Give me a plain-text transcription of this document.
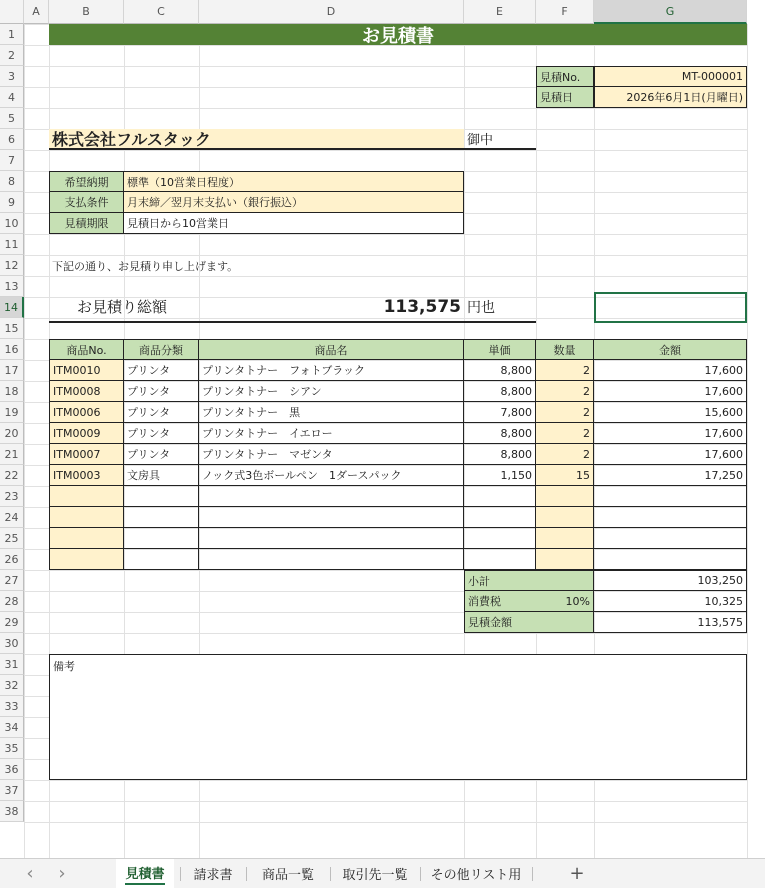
A	B	C	D	E	F	G
1
2
3
4
5
6
7
8
9
10
11
12
13
14
15
16
17
18
19
20
21
22
23
24
25
26
27
28
29
30
31
32
33
34
35
36
37
38
お見積書
見積No.	MT-000001
見積日	2026年6月1日(月曜日)
株式会社フルスタック	御中
希望納期	標準（10営業日程度）
支払条件	月末締／翌月末支払い（銀行振込）
見積期限	見積日から10営業日
下記の通り、お見積り申し上げます。
お見積り総額	113,575 円也
商品No.	商品分類	商品名	単価	数量	金額
ITM0010	プリンタ	プリンタトナー　フォトブラック	8,800	2	17,600
ITM0008	プリンタ	プリンタトナー　シアン	8,800	2	17,600
ITM0006	プリンタ	プリンタトナー　黒	7,800	2	15,600
ITM0009	プリンタ	プリンタトナー　イエロー	8,800	2	17,600
ITM0007	プリンタ	プリンタトナー　マゼンタ	8,800	2	17,600
ITM0003	文房具	ノック式3色ボールペン　1ダースパック	1,150	15	17,250
小計	103,250
消費税	10%	10,325
見積金額	113,575
備考
‹	›	見積書 請求書 商品一覧 取引先一覧 その他リスト用	+
